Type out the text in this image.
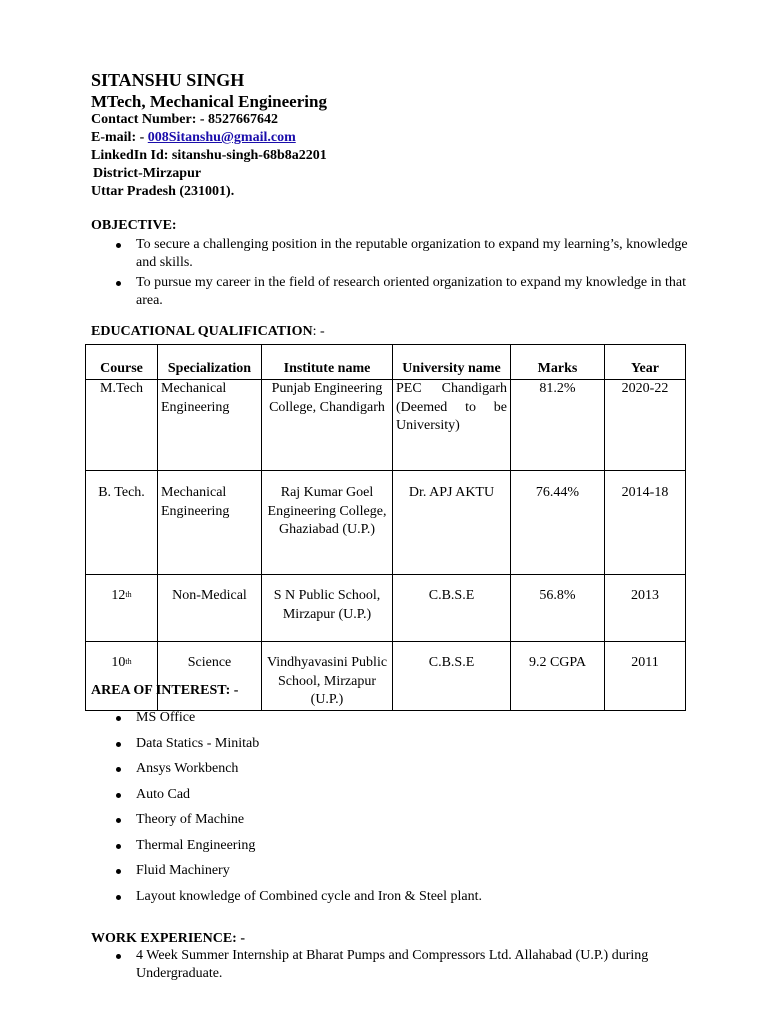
SITANSHU SINGH
MTech, Mechanical Engineering
Contact Number: - 8527667642
E-mail: - 008Sitanshu@gmail.com
LinkedIn Id: sitanshu-singh-68b8a2201
District-Mirzapur
Uttar Pradesh (231001).
OBJECTIVE:
To secure a challenging position in the reputable organization to expand my learning’s, knowledge and skills.
To pursue my career in the field of research oriented organization to expand my knowledge in that area.
EDUCATIONAL QUALIFICATION: -
Course	Specialization	Institute name	University name	Marks	Year
M.Tech	Mechanical Engineering	Punjab Engineering College, Chandigarh	PEC Chandigarh (Deemed to be University)	81.2%	2020-22
B. Tech.	Mechanical Engineering	Raj Kumar Goel Engineering College, Ghaziabad (U.P.)	Dr. APJ AKTU	76.44%	2014-18
12th	Non-Medical	S N Public School, Mirzapur (U.P.)	C.B.S.E	56.8%	2013
10th	Science	Vindhyavasini Public School, Mirzapur (U.P.)	C.B.S.E	9.2 CGPA	2011
AREA OF INTEREST: -
MS Office
Data Statics - Minitab
Ansys Workbench
Auto Cad
Theory of Machine
Thermal Engineering
Fluid Machinery
Layout knowledge of Combined cycle and Iron & Steel plant.
WORK EXPERIENCE: -
4 Week Summer Internship at Bharat Pumps and Compressors Ltd. Allahabad (U.P.) during Undergraduate.
